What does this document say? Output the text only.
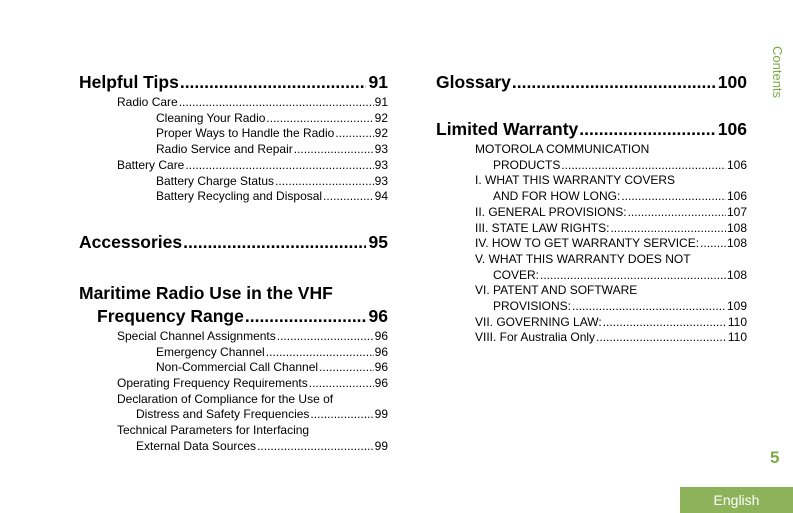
Helpful Tips .....	91
Radio Care .....	91
Cleaning Your Radio .....	92
Proper Ways to Handle the Radio .....	92
Radio Service and Repair .....	93
Battery Care .....	93
Battery Charge Status .....	93
Battery Recycling and Disposal .....	94
Accessories .....	95
Maritime Radio Use in the VHF
Frequency Range .....	96
Special Channel Assignments .....	96
Emergency Channel .....	96
Non-Commercial Call Channel .....	96
Operating Frequency Requirements .....	96
Declaration of Compliance for the Use of
Distress and Safety Frequencies .....	99
Technical Parameters for Interfacing
External Data Sources .....	99
Glossary .....	100
Limited Warranty .....	106
MOTOROLA COMMUNICATION
PRODUCTS .....	106
I. WHAT THIS WARRANTY COVERS
AND FOR HOW LONG: .....	106
II. GENERAL PROVISIONS: .....	107
III. STATE LAW RIGHTS: .....	108
IV. HOW TO GET WARRANTY SERVICE: ..... 108
V. WHAT THIS WARRANTY DOES NOT
COVER: .....	108
VI. PATENT AND SOFTWARE
PROVISIONS: .....	109
VII. GOVERNING LAW: .....	110
VIII. For Australia Only .....	110
Contents
5
English
